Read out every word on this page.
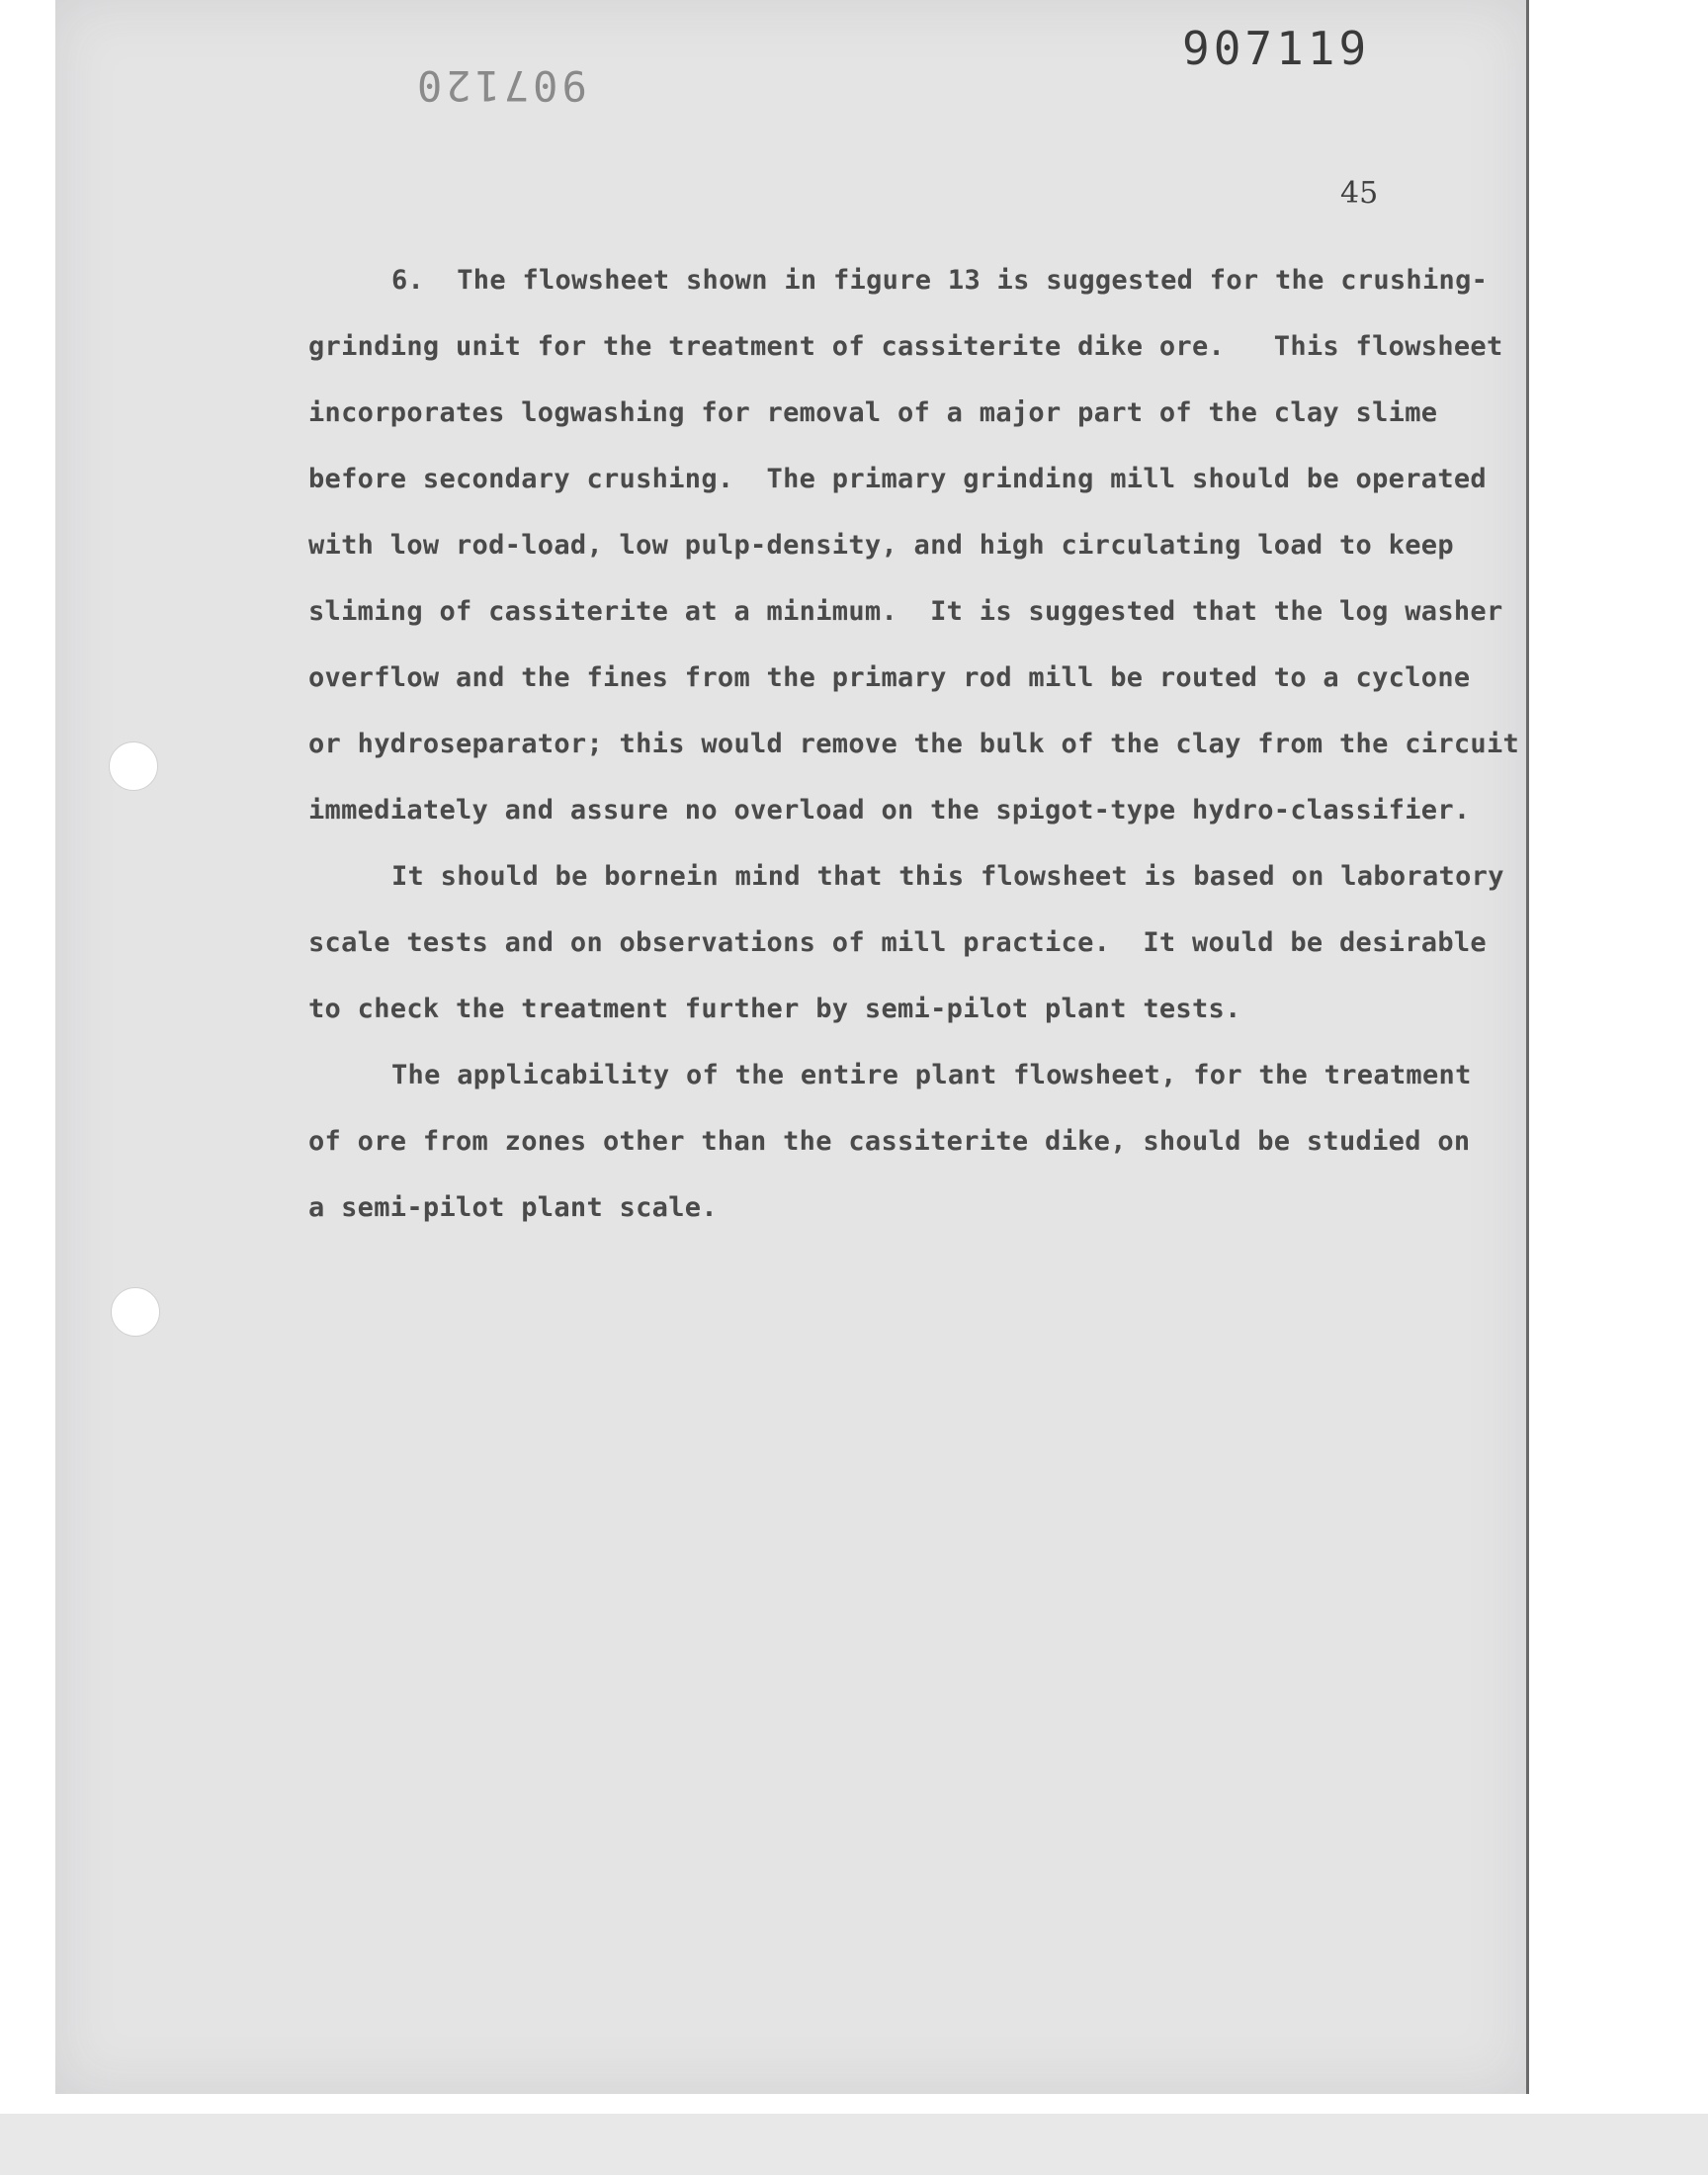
907119
907120
45
6.  The flowsheet shown in figure 13 is suggested for the crushing-
grinding unit for the treatment of cassiterite dike ore.   This flowsheet
incorporates logwashing for removal of a major part of the clay slime
before secondary crushing.  The primary grinding mill should be operated
with low rod-load, low pulp-density, and high circulating load to keep
sliming of cassiterite at a minimum.  It is suggested that the log washer
overflow and the fines from the primary rod mill be routed to a cyclone
or hydroseparator; this would remove the bulk of the clay from the circuit
immediately and assure no overload on the spigot-type hydro-classifier.
It should be bornein mind that this flowsheet is based on laboratory
scale tests and on observations of mill practice.  It would be desirable
to check the treatment further by semi-pilot plant tests.
The applicability of the entire plant flowsheet, for the treatment
of ore from zones other than the cassiterite dike, should be studied on
a semi-pilot plant scale.
